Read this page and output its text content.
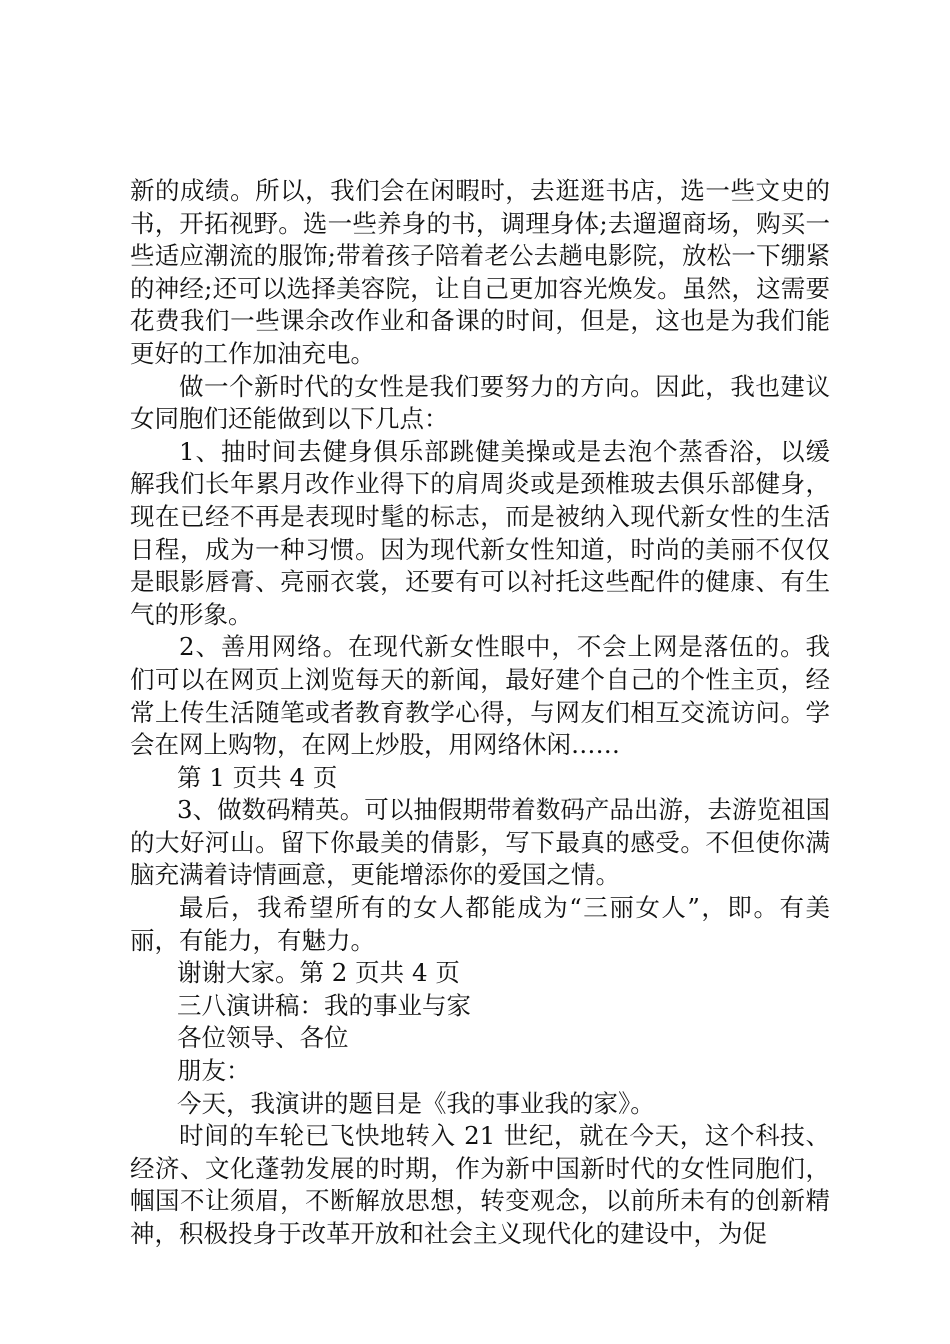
新的成绩。所以，我们会在闲暇时，去逛逛书店，选一些文史的书，开拓视野。选一些养身的书，调理身体;去遛遛商场，购买一些适应潮流的服饰;带着孩子陪着老公去趟电影院，放松一下绷紧的神经;还可以选择美容院，让自己更加容光焕发。虽然，这需要花费我们一些课余改作业和备课的时间，但是，这也是为我们能更好的工作加油充电。

做一个新时代的女性是我们要努力的方向。因此，我也建议女同胞们还能做到以下几点：

1、抽时间去健身俱乐部跳健美操或是去泡个蒸香浴，以缓解我们长年累月改作业得下的肩周炎或是颈椎玻去俱乐部健身，现在已经不再是表现时髦的标志，而是被纳入现代新女性的生活日程，成为一种习惯。因为现代新女性知道，时尚的美丽不仅仅是眼影唇膏、亮丽衣裳，还要有可以衬托这些配件的健康、有生气的形象。

2、善用网络。在现代新女性眼中，不会上网是落伍的。我们可以在网页上浏览每天的新闻，最好建个自己的个性主页，经常上传生活随笔或者教育教学心得，与网友们相互交流访问。学会在网上购物，在网上炒股，用网络休闲……

第 1 页共 4 页

3、做数码精英。可以抽假期带着数码产品出游，去游览祖国的大好河山。留下你最美的倩影，写下最真的感受。不但使你满脑充满着诗情画意，更能增添你的爱国之情。

最后，我希望所有的女人都能成为“三丽女人”，即。有美丽，有能力，有魅力。

谢谢大家。第 2 页共 4 页

三八演讲稿：我的事业与家

各位领导、各位

朋友：

今天，我演讲的题目是《我的事业我的家》。

时间的车轮已飞快地转入 21 世纪，就在今天，这个科技、经济、文化蓬勃发展的时期，作为新中国新时代的女性同胞们，帼国不让须眉，不断解放思想，转变观念，以前所未有的创新精神，积极投身于改革开放和社会主义现代化的建设中，为促
